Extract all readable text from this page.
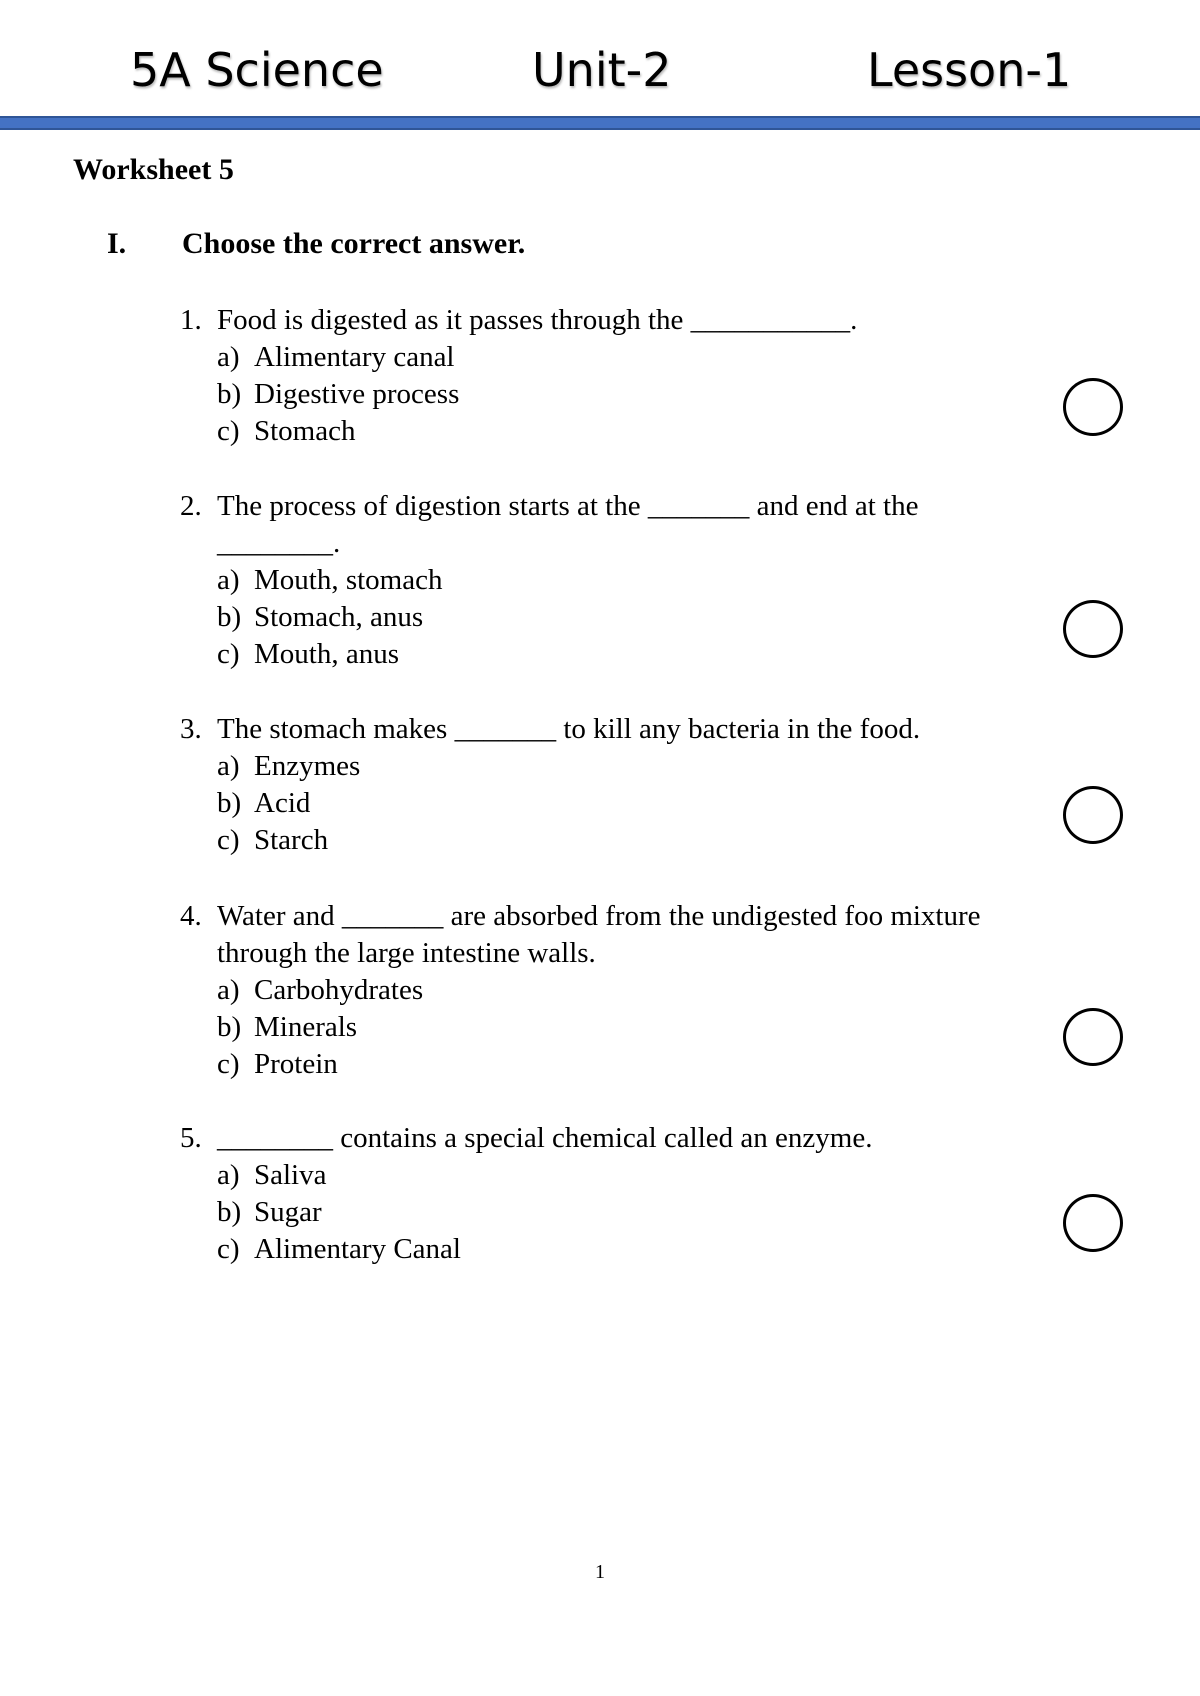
5A Science	Unit-2	Lesson-1
Worksheet 5
I. Choose the correct answer.
1. Food is digested as it passes through the ___________.
a) Alimentary canal
b) Digestive process
c) Stomach
2. The process of digestion starts at the _______ and end at the
________.
a) Mouth, stomach
b) Stomach, anus
c) Mouth, anus
3. The stomach makes _______ to kill any bacteria in the food.
a) Enzymes
b) Acid
c) Starch
4. Water and _______ are absorbed from the undigested foo mixture
through the large intestine walls.
a) Carbohydrates
b) Minerals
c) Protein
5. ________ contains a special chemical called an enzyme.
a) Saliva
b) Sugar
c) Alimentary Canal
1
